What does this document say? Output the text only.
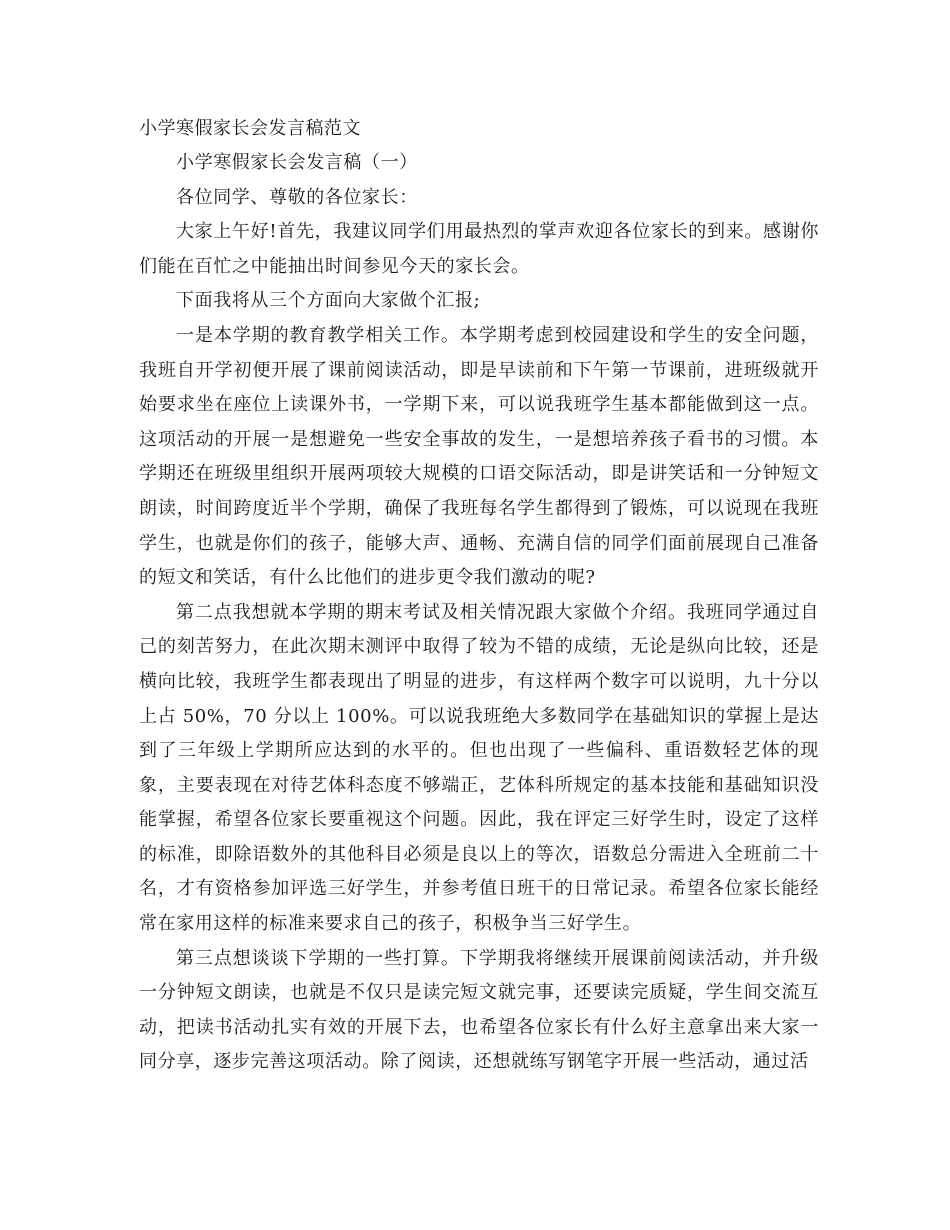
小学寒假家长会发言稿范文

小学寒假家长会发言稿（一）

各位同学、尊敬的各位家长：

大家上午好!首先，我建议同学们用最热烈的掌声欢迎各位家长的到来。感谢你们能在百忙之中能抽出时间参见今天的家长会。

下面我将从三个方面向大家做个汇报;

一是本学期的教育教学相关工作。本学期考虑到校园建设和学生的安全问题，我班自开学初便开展了课前阅读活动，即是早读前和下午第一节课前，进班级就开始要求坐在座位上读课外书，一学期下来，可以说我班学生基本都能做到这一点。这项活动的开展一是想避免一些安全事故的发生，一是想培养孩子看书的习惯。本学期还在班级里组织开展两项较大规模的口语交际活动，即是讲笑话和一分钟短文朗读，时间跨度近半个学期，确保了我班每名学生都得到了锻炼，可以说现在我班学生，也就是你们的孩子，能够大声、通畅、充满自信的同学们面前展现自己准备的短文和笑话，有什么比他们的进步更令我们激动的呢?

第二点我想就本学期的期末考试及相关情况跟大家做个介绍。我班同学通过自己的刻苦努力，在此次期末测评中取得了较为不错的成绩，无论是纵向比较，还是横向比较，我班学生都表现出了明显的进步，有这样两个数字可以说明，九十分以上占 50%，70 分以上 100%。可以说我班绝大多数同学在基础知识的掌握上是达到了三年级上学期所应达到的水平的。但也出现了一些偏科、重语数轻艺体的现象，主要表现在对待艺体科态度不够端正，艺体科所规定的基本技能和基础知识没能掌握，希望各位家长要重视这个问题。因此，我在评定三好学生时，设定了这样的标准，即除语数外的其他科目必须是良以上的等次，语数总分需进入全班前二十名，才有资格参加评选三好学生，并参考值日班干的日常记录。希望各位家长能经常在家用这样的标准来要求自己的孩子，积极争当三好学生。

第三点想谈谈下学期的一些打算。下学期我将继续开展课前阅读活动，并升级一分钟短文朗读，也就是不仅只是读完短文就完事，还要读完质疑，学生间交流互动，把读书活动扎实有效的开展下去，也希望各位家长有什么好主意拿出来大家一同分享，逐步完善这项活动。除了阅读，还想就练写钢笔字开展一些活动，通过活
